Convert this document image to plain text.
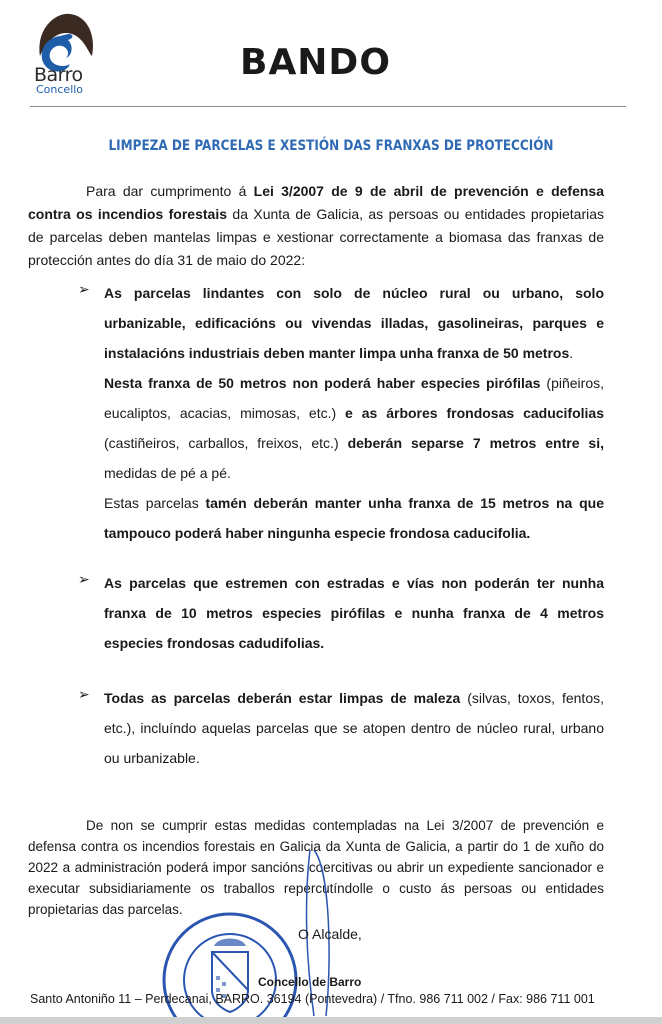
Barro
Concello
BANDO
LIMPEZA DE PARCELAS E XESTIÓN DAS FRANXAS DE PROTECCIÓN
Para dar cumprimento á Lei 3/2007 de 9 de abril de prevención e defensa contra os incendios forestais da Xunta de Galicia, as persoas ou entidades propietarias de parcelas deben mantelas limpas e xestionar correctamente a biomasa das franxas de protección antes do día 31 de maio do 2022:
➢ As parcelas lindantes con solo de núcleo rural ou urbano, solo urbanizable, edificacións ou vivendas illadas, gasolineiras, parques e instalacións industriais deben manter limpa unha franxa de 50 metros.
Nesta franxa de 50 metros non poderá haber especies pirófilas (piñeiros, eucaliptos, acacias, mimosas, etc.) e as árbores frondosas caducifolias (castiñeiros, carballos, freixos, etc.) deberán separse 7 metros entre si, medidas de pé a pé.
Estas parcelas tamén deberán manter unha franxa de 15 metros na que tampouco poderá haber ningunha especie frondosa caducifolia.
➢ As parcelas que estremen con estradas e vías non poderán ter nunha franxa de 10 metros especies pirófilas e nunha franxa de 4 metros especies frondosas cadudifolias.
➢ Todas as parcelas deberán estar limpas de maleza (silvas, toxos, fentos, etc.), incluíndo aquelas parcelas que se atopen dentro de núcleo rural, urbano ou urbanizable.
De non se cumprir estas medidas contempladas na Lei 3/2007 de prevención e defensa contra os incendios forestais en Galicia da Xunta de Galicia, a partir do 1 de xuño do 2022 a administración poderá impor sancións coercitivas ou abrir un expediente sancionador e executar subsidiariamente os traballos repercutíndolle o custo ás persoas ou entidades propietarias das parcelas.
O Alcalde,
Concello de Barro
Santo Antoniño 11 – Perdecanai, BARRO. 36194 (Pontevedra) / Tfno. 986 711 002 / Fax: 986 711 001
